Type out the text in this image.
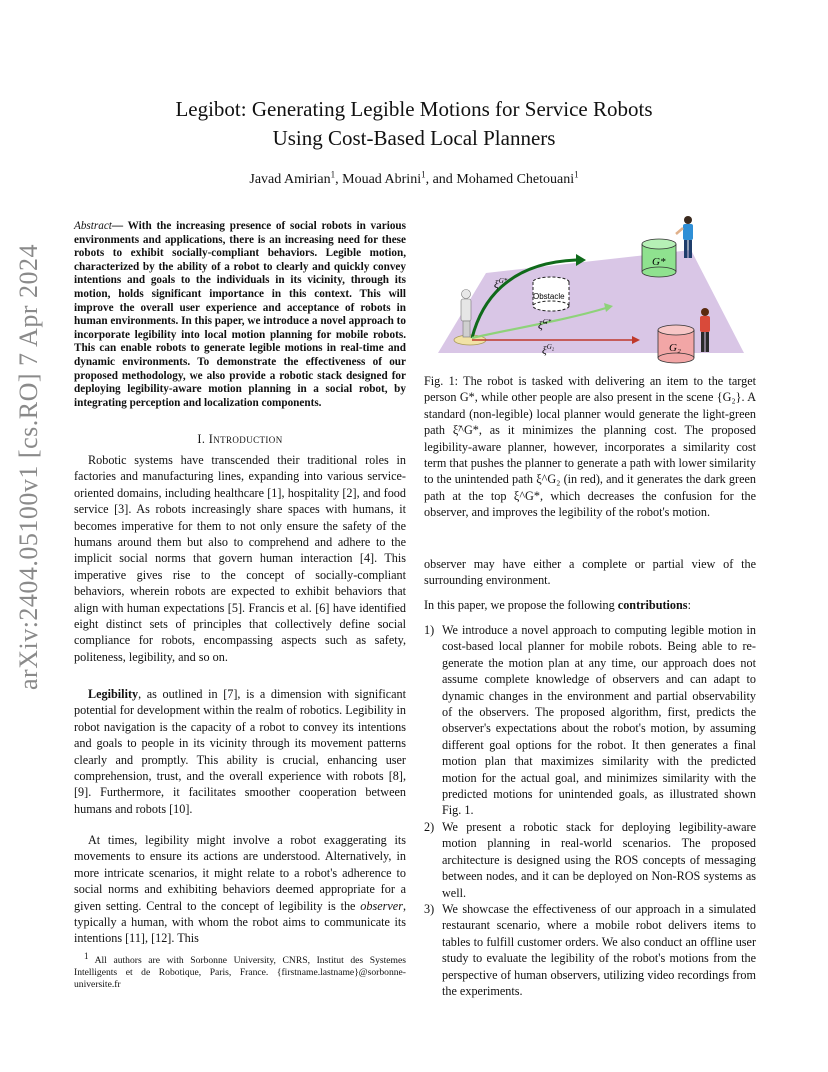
arXiv:2404.05100v1 [cs.RO] 7 Apr 2024
Legibot: Generating Legible Motions for Service Robots
Using Cost-Based Local Planners
Javad Amirian$^1$, Mouad Abrini$^1$, and Mohamed Chetouani$^1$
Abstract— With the increasing presence of social robots in various environments and applications, there is an increasing need for these robots to exhibit socially-compliant behaviors. Legible motion, characterized by the ability of a robot to clearly and quickly convey intentions and goals to the individuals in its vicinity, through its motion, holds significant importance in this context. This will improve the overall user experience and acceptance of robots in human environments. In this paper, we introduce a novel approach to incorporate legibility into local motion planning for mobile robots. This can enable robots to generate legible motions in real-time and dynamic environments. To demonstrate the effectiveness of our proposed methodology, we also provide a robotic stack designed for deploying legibility-aware motion planning in a social robot, by integrating perception and localization components.
I. Introduction

Robotic systems have transcended their traditional roles in factories and manufacturing lines, expanding into various service-oriented domains, including healthcare [1], hospitality [2], and food service [3]. As robots increasingly share spaces with humans, it becomes imperative for them to not only ensure the safety of the humans around them but also to comprehend and adhere to the implicit social norms that govern human interaction [4]. This imperative gives rise to the concept of socially-compliant behaviors, wherein robots are expected to exhibit behaviors that align with human expectations [5]. Francis et al. [6] have identified eight distinct sets of principles that collectively define social compliance for robots, encompassing aspects such as safety, politeness, legibility, and so on.

Legibility, as outlined in [7], is a dimension with significant potential for development within the realm of robotics. Legibility in robot navigation is the capacity of a robot to convey its intentions and goals to people in its vicinity through its movement patterns clearly and promptly. This ability is crucial, enhancing user comprehension, trust, and the overall experience with robots [8], [9]. Furthermore, it facilitates smoother cooperation between humans and robots [10].

At times, legibility might involve a robot exaggerating its movements to ensure its actions are understood. Alternatively, in more intricate scenarios, it might relate to a robot's adherence to social norms and exhibiting behaviors deemed appropriate for a given setting. Central to the concept of legibility is the observer, typically a human, with whom the robot aims to communicate its intentions [11], [12]. This

$^1$ All authors are with Sorbonne University, CNRS, Institut des Systemes Intelligents et de Robotique, Paris, France. {firstname.lastname}@sorbonne-universite.fr
G*
G₂
Obstacle
$\xi^{G*}$
ξ̃$^{G*}$
$\xi^{G_2}$
Fig. 1: The robot is tasked with delivering an item to the target person G*, while other people are also present in the scene {G₂}. A standard (non-legible) local planner would generate the light-green path ξ̃^G*, as it minimizes the planning cost. The proposed legibility-aware planner, however, incorporates a similarity cost term that pushes the planner to generate a path with lower similarity to the unintended path ξ^G₂ (in red), and it generates the dark green path at the top ξ^G*, which decreases the confusion for the observer, and improves the legibility of the robot's motion.

observer may have either a complete or partial view of the surrounding environment.

In this paper, we propose the following contributions:

1) We introduce a novel approach to computing legible motion in cost-based local planner for mobile robots. Being able to re-generate the motion plan at any time, our approach does not assume complete knowledge of observers and can adapt to dynamic changes in the environment and partial observability of the observers. The proposed algorithm, first, predicts the observer's expectations about the robot's motion, by assuming different goal options for the robot. It then generates a final motion plan that maximizes similarity with the predicted motion for the actual goal, and minimizes similarity with the predicted motions for unintended goals, as illustrated shown Fig. 1.
2) We present a robotic stack for deploying legibility-aware motion planning in real-world scenarios. The proposed architecture is designed using the ROS concepts of messaging between nodes, and it can be deployed on Non-ROS systems as well.
3) We showcase the effectiveness of our approach in a simulated restaurant scenario, where a mobile robot delivers items to tables to fulfill customer orders. We also conduct an offline user study to evaluate the legibility of the robot's motions from the perspective of human observers, utilizing video recordings from the experiments.
